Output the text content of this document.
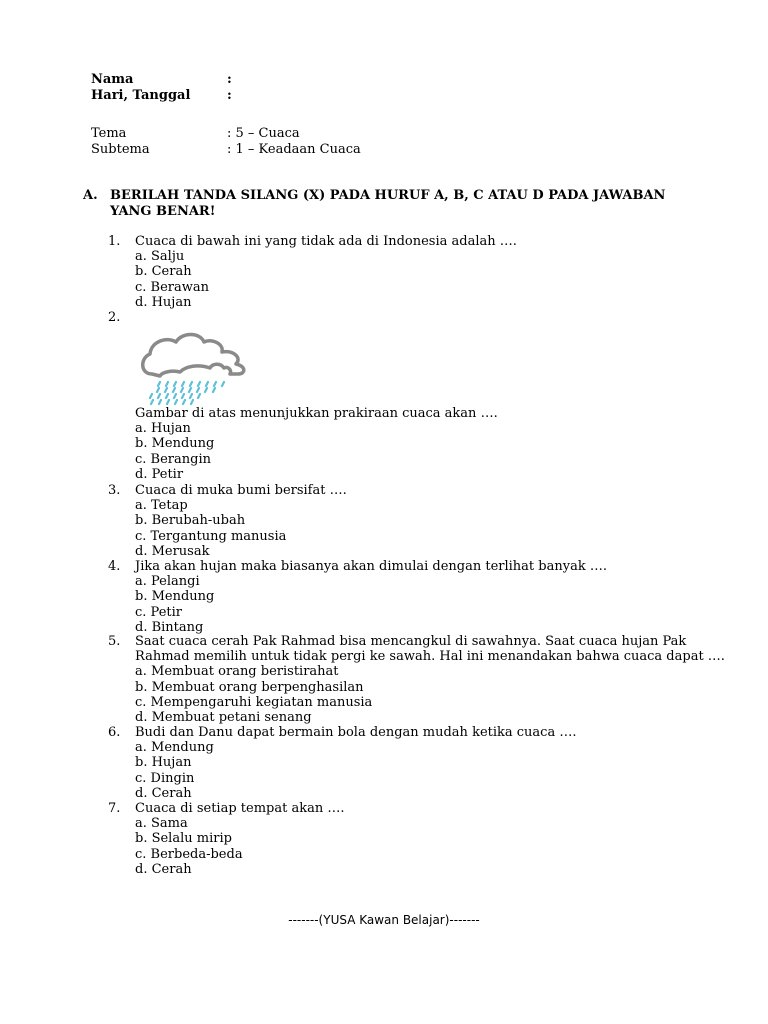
Nama	:
Hari, Tanggal	:
Tema	: 5 – Cuaca
Subtema	: 1 – Keadaan Cuaca
A. BERILAH TANDA SILANG (X) PADA HURUF A, B, C ATAU D PADA JAWABAN YANG BENAR!
1.	Cuaca di bawah ini yang tidak ada di Indonesia adalah ….
a. Salju
b. Cerah
c. Berawan
d. Hujan
2.
Gambar di atas menunjukkan prakiraan cuaca akan ….
a. Hujan
b. Mendung
c. Berangin
d. Petir
3.	Cuaca di muka bumi bersifat ….
a. Tetap
b. Berubah-ubah
c. Tergantung manusia
d. Merusak
4.	Jika akan hujan maka biasanya akan dimulai dengan terlihat banyak ….
a. Pelangi
b. Mendung
c. Petir
d. Bintang
5.	Saat cuaca cerah Pak Rahmad bisa mencangkul di sawahnya. Saat cuaca hujan Pak
Rahmad memilih untuk tidak pergi ke sawah. Hal ini menandakan bahwa cuaca dapat ….
a. Membuat orang beristirahat
b. Membuat orang berpenghasilan
c. Mempengaruhi kegiatan manusia
d. Membuat petani senang
6.	Budi dan Danu dapat bermain bola dengan mudah ketika cuaca ….
a. Mendung
b. Hujan
c. Dingin
d. Cerah
7.	Cuaca di setiap tempat akan ….
a. Sama
b. Selalu mirip
c. Berbeda-beda
d. Cerah
-------(YUSA Kawan Belajar)-------
